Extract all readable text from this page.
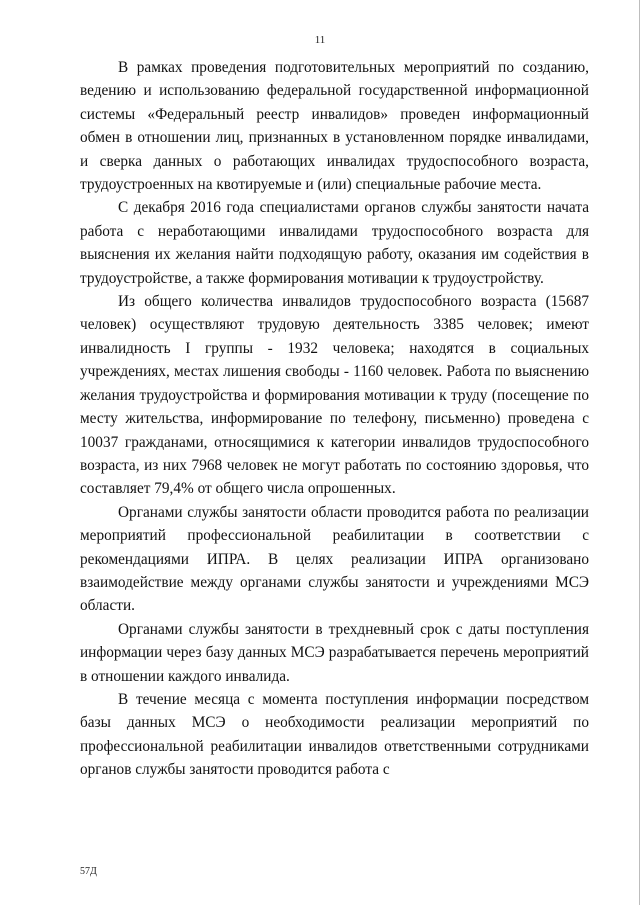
11

В рамках проведения подготовительных мероприятий по созданию, ведению и использованию федеральной государственной информационной системы «Федеральный реестр инвалидов» проведен информационный обмен в отношении лиц, признанных в установленном порядке инвалидами, и сверка данных о работающих инвалидах трудоспособного возраста, трудоустроенных на квотируемые и (или) специальные рабочие места.

С декабря 2016 года специалистами органов службы занятости начата работа с неработающими инвалидами трудоспособного возраста для выяснения их желания найти подходящую работу, оказания им содействия в трудоустройстве, а также формирования мотивации к трудоустройству.

Из общего количества инвалидов трудоспособного возраста (15687 человек) осуществляют трудовую деятельность 3385 человек; имеют инвалидность I группы - 1932 человека; находятся в социальных учреждениях, местах лишения свободы - 1160 человек. Работа по выяснению желания трудоустройства и формирования мотивации к труду (посещение по месту жительства, информирование по телефону, письменно) проведена с 10037 гражданами, относящимися к категории инвалидов трудоспособного возраста, из них 7968 человек не могут работать по состоянию здоровья, что составляет 79,4% от общего числа опрошенных.

Органами службы занятости области проводится работа по реализации мероприятий профессиональной реабилитации в соответствии с рекомендациями ИПРА. В целях реализации ИПРА организовано взаимодействие между органами службы занятости и учреждениями МСЭ области.

Органами службы занятости в трехдневный срок с даты поступления информации через базу данных МСЭ разрабатывается перечень мероприятий в отношении каждого инвалида.

В течение месяца с момента поступления информации посредством базы данных МСЭ о необходимости реализации мероприятий по профессиональной реабилитации инвалидов ответственными сотрудниками органов службы занятости проводится работа с

57Д
